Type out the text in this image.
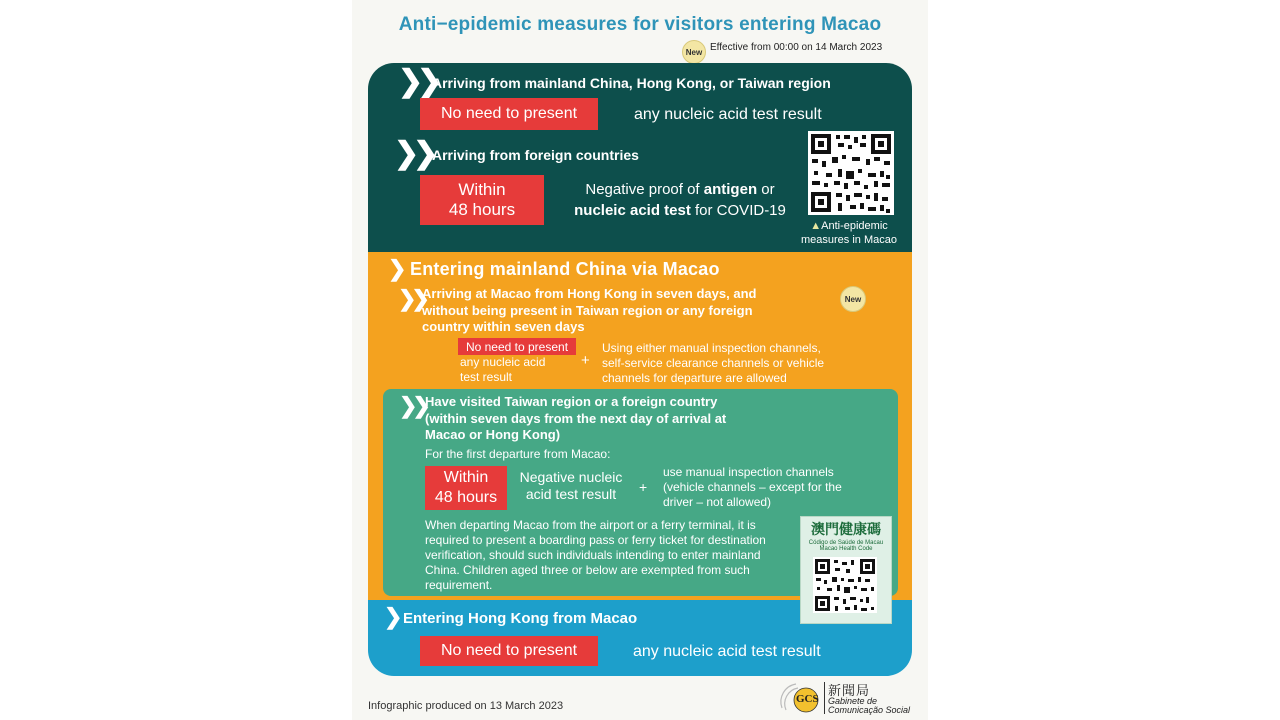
Anti−epidemic measures for visitors entering Macao
New Effective from 00:00 on 14 March 2023
❯❯
Arriving from mainland China, Hong Kong, or Taiwan region
No need to present	any nucleic acid test result
❯❯ Arriving from foreign countries
Within
48 hours
Negative proof of antigen or
nucleic acid test for COVID-19
▲Anti-epidemic
measures in Macao
❯ Entering mainland China via Macao
❯❯
Arriving at Macao from Hong Kong in seven days, and
without being present in Taiwan region or any foreign
country within seven days
New
No need to present
any nucleic acid
test result
+
Using either manual inspection channels,
self-service clearance channels or vehicle
channels for departure are allowed
❯❯ Have visited Taiwan region or a foreign country
(within seven days from the next day of arrival at
Macao or Hong Kong)
For the first departure from Macao:
Within
48 hours
Negative nucleic
acid test result	+
use manual inspection channels
(vehicle channels – except for the
driver – not allowed)
When departing Macao from the airport or a ferry terminal, it is
required to present a boarding pass or ferry ticket for destination
verification, should such individuals intending to enter mainland
China. Children aged three or below are exempted from such
requirement.
❯ Entering Hong Kong from Macao
No need to present	any nucleic acid test result
澳門健康碼
Código de Saúde de Macau
Macao Health Code
Infographic produced on 13 March 2023
GCS
新聞局
Gabinete de
Comunicação Social
